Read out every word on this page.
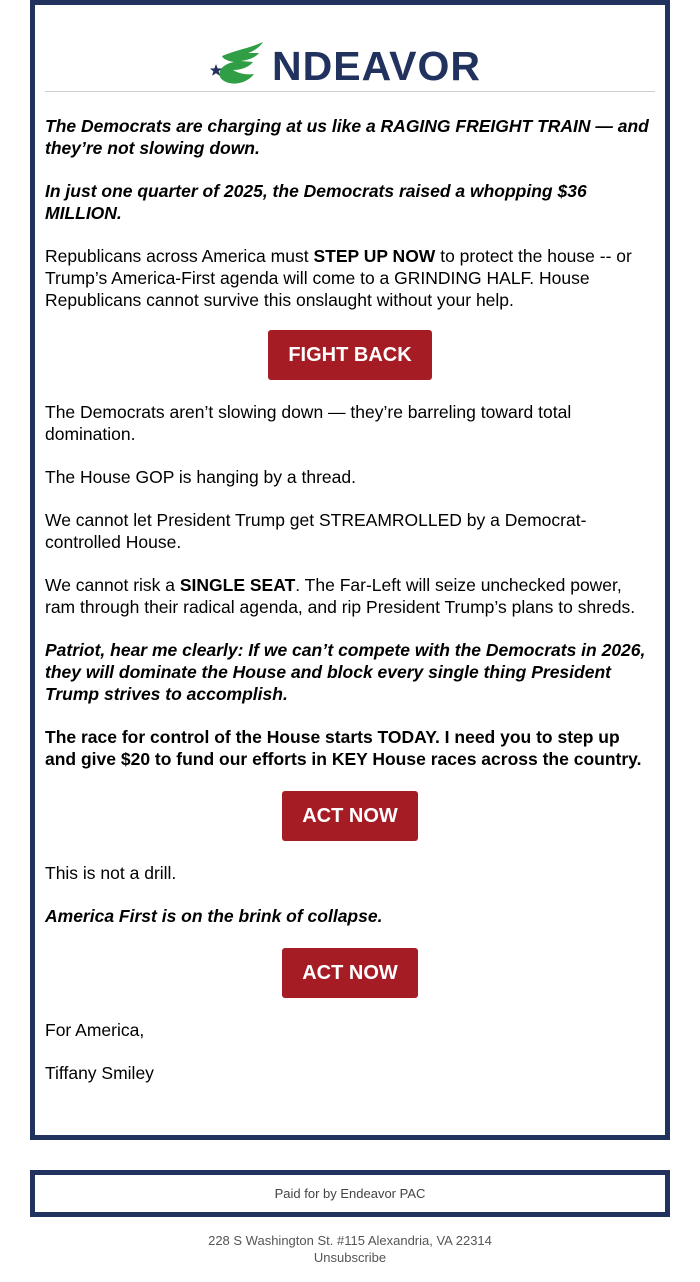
NDEAVOR

The Democrats are charging at us like a RAGING FREIGHT TRAIN — and they’re not slowing down.

In just one quarter of 2025, the Democrats raised a whopping $36 MILLION.

Republicans across America must STEP UP NOW to protect the house -- or Trump’s America-First agenda will come to a GRINDING HALF. House Republicans cannot survive this onslaught without your help.

FIGHT BACK

The Democrats aren’t slowing down — they’re barreling toward total domination.

The House GOP is hanging by a thread.

We cannot let President Trump get STREAMROLLED by a Democrat-controlled House.

We cannot risk a SINGLE SEAT. The Far-Left will seize unchecked power, ram through their radical agenda, and rip President Trump’s plans to shreds.

Patriot, hear me clearly: If we can’t compete with the Democrats in 2026, they will dominate the House and block every single thing President Trump strives to accomplish.

The race for control of the House starts TODAY. I need you to step up and give $20 to fund our efforts in KEY House races across the country.

ACT NOW

This is not a drill.

America First is on the brink of collapse.

ACT NOW

For America,

Tiffany Smiley

Paid for by Endeavor PAC
228 S Washington St. #115 Alexandria, VA 22314
Unsubscribe
